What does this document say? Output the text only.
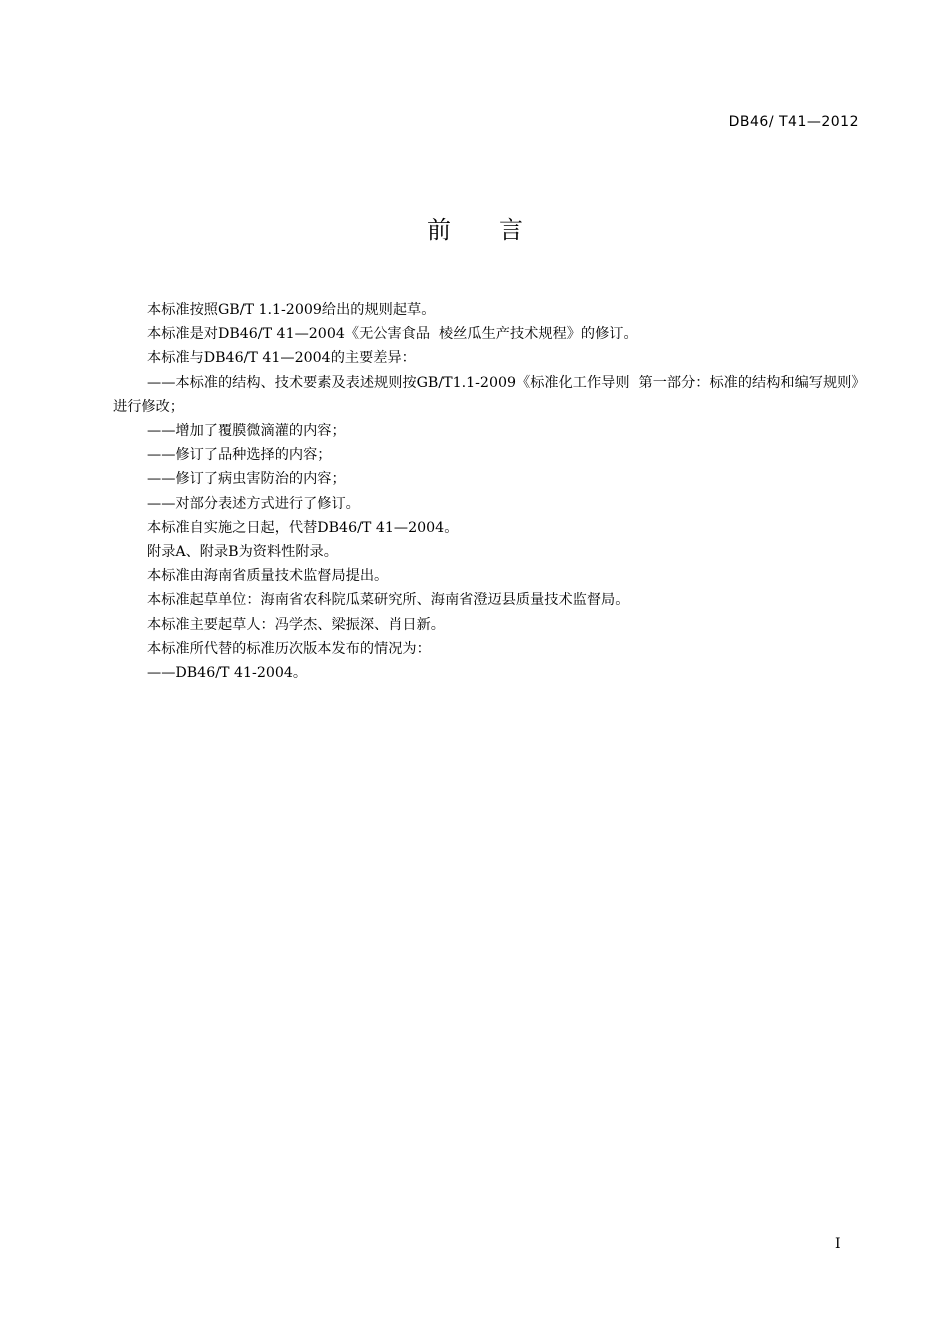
DB46/ T41—2012
前 言

本标准按照GB/T 1.1-2009给出的规则起草。

本标准是对DB46/T 41—2004《无公害食品  棱丝瓜生产技术规程》的修订。

本标准与DB46/T 41—2004的主要差异：

——本标准的结构、技术要素及表述规则按GB/T1.1-2009《标准化工作导则  第一部分：标准的结构和编写规则》进行修改；

——增加了覆膜微滴灌的内容；

——修订了品种选择的内容；

——修订了病虫害防治的内容；

——对部分表述方式进行了修订。

本标准自实施之日起，代替DB46/T 41—2004。

附录A、附录B为资料性附录。

本标准由海南省质量技术监督局提出。

本标准起草单位：海南省农科院瓜菜研究所、海南省澄迈县质量技术监督局。

本标准主要起草人：冯学杰、梁振深、肖日新。

本标准所代替的标准历次版本发布的情况为：

——DB46/T 41-2004。

I
